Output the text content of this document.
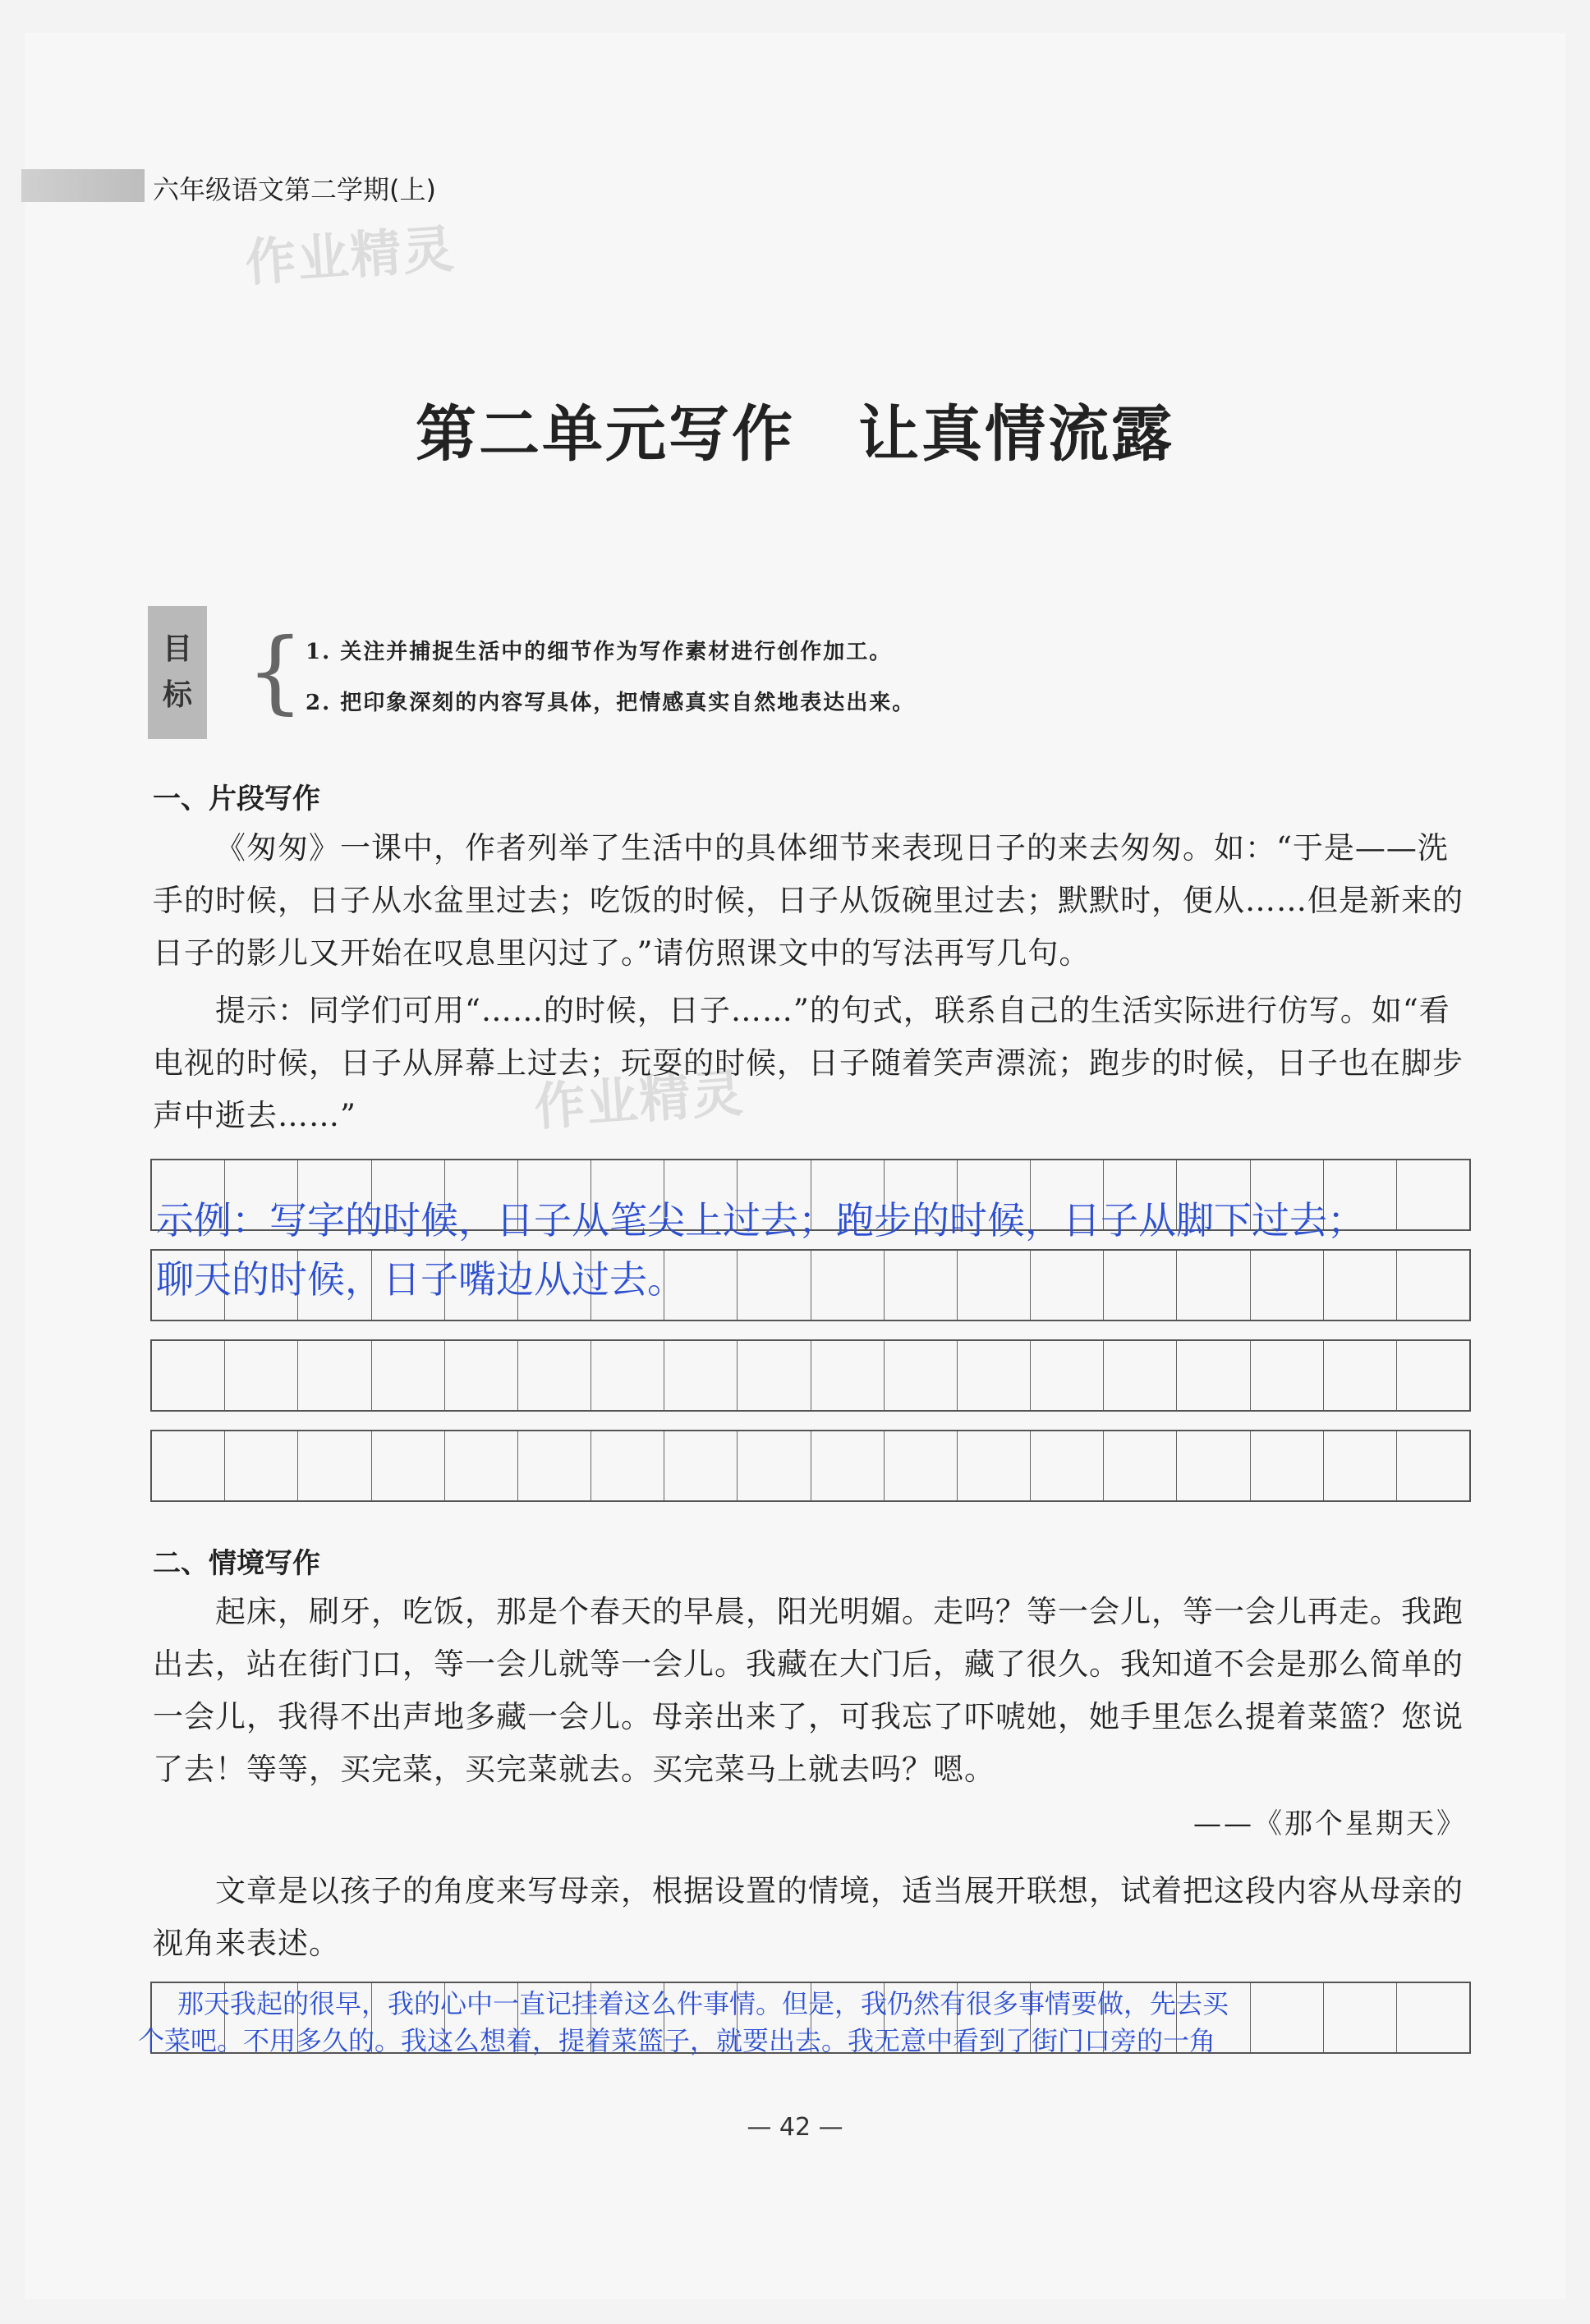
六年级语文第二学期(上)
作业精灵
作业精灵
第二单元写作　让真情流露
目
标 { 1. 关注并捕捉生活中的细节作为写作素材进行创作加工。
2. 把印象深刻的内容写具体，把情感真实自然地表达出来。
一、片段写作

《匆匆》一课中，作者列举了生活中的具体细节来表现日子的来去匆匆。如：“于是——洗手的时候，日子从水盆里过去；吃饭的时候，日子从饭碗里过去；默默时，便从……但是新来的日子的影儿又开始在叹息里闪过了。”请仿照课文中的写法再写几句。

提示：同学们可用“……的时候，日子……”的句式，联系自己的生活实际进行仿写。如“看电视的时候，日子从屏幕上过去；玩耍的时候，日子随着笑声漂流；跑步的时候，日子也在脚步声中逝去……”

示例：写字的时候，日子从笔尖上过去；跑步的时候，日子从脚下过去；
聊天的时候，日子嘴边从过去。
二、情境写作

起床，刷牙，吃饭，那是个春天的早晨，阳光明媚。走吗？等一会儿，等一会儿再走。我跑出去，站在街门口，等一会儿就等一会儿。我藏在大门后，藏了很久。我知道不会是那么简单的一会儿，我得不出声地多藏一会儿。母亲出来了，可我忘了吓唬她，她手里怎么提着菜篮？您说了去！等等，买完菜，买完菜就去。买完菜马上就去吗？嗯。

——《那个星期天》

文章是以孩子的角度来写母亲，根据设置的情境，适当展开联想，试着把这段内容从母亲的视角来表述。

那天我起的很早，我的心中一直记挂着这么件事情。但是，我仍然有很多事情要做，先去买
个菜吧。不用多久的。我这么想着，提着菜篮子，就要出去。我无意中看到了街门口旁的一角
— 42 —
